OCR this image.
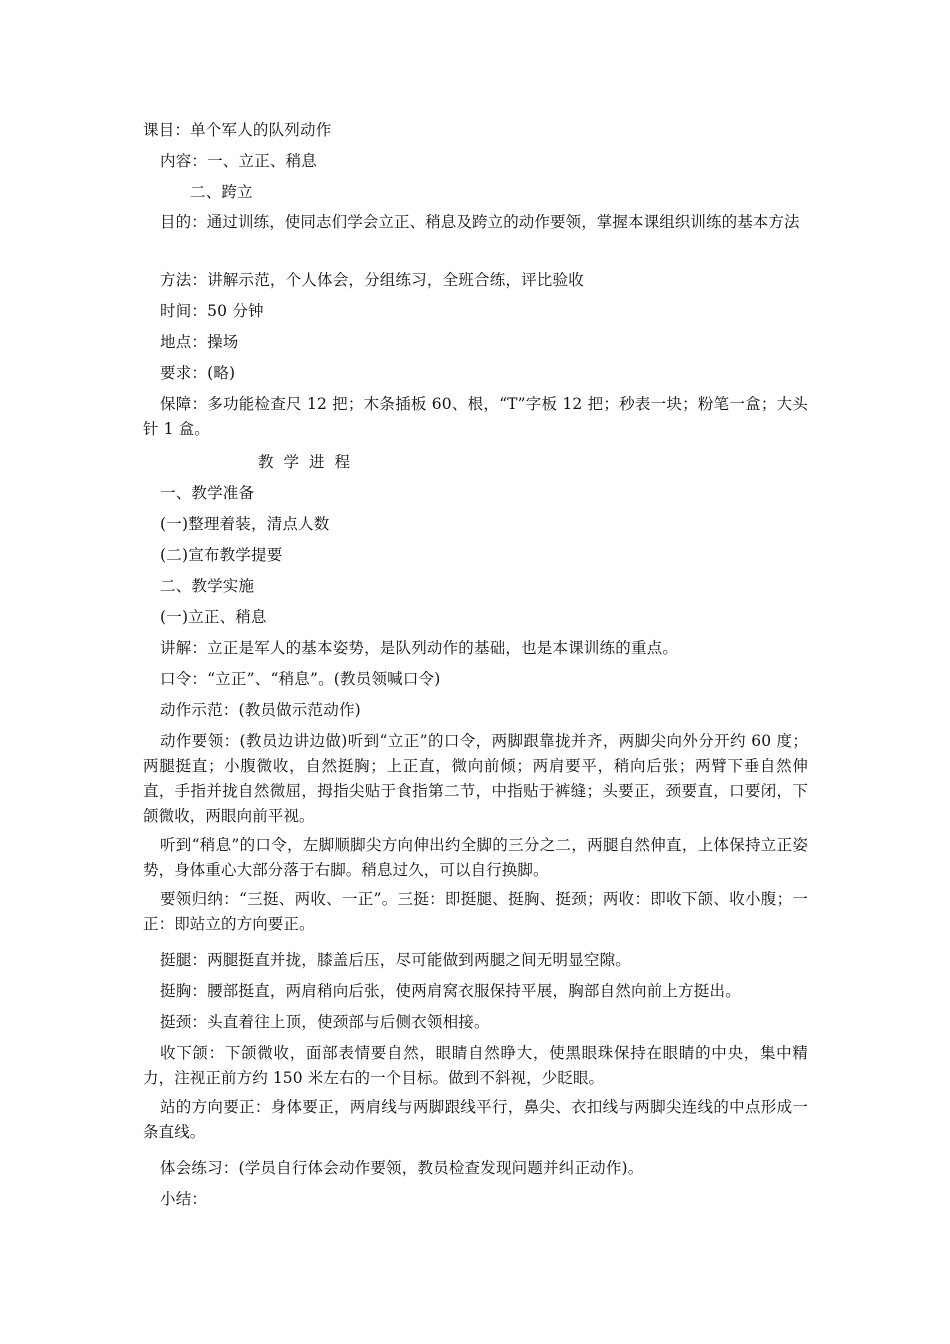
课目：单个军人的队列动作
内容：一、立正、稍息
二、跨立
目的：通过训练，使同志们学会立正、稍息及跨立的动作要领，掌握本课组织训练的基本方法
方法：讲解示范，个人体会，分组练习，全班合练，评比验收
时间：50 分钟
地点：操场
要求：(略)
保障：多功能检查尺 12 把；木条插板 60、根，“T”字板 12 把；秒表一块；粉笔一盒；大头针 1 盒。
教学进程
一、教学准备
(一)整理着装，清点人数
(二)宣布教学提要
二、教学实施
(一)立正、稍息
讲解：立正是军人的基本姿势，是队列动作的基础，也是本课训练的重点。
口令：“立正”、“稍息”。(教员领喊口令)
动作示范：(教员做示范动作)
动作要领：(教员边讲边做)听到“立正”的口令，两脚跟靠拢并齐，两脚尖向外分开约 60 度；两腿挺直；小腹微收，自然挺胸；上正直，微向前倾；两肩要平，稍向后张；两臂下垂自然伸直，手指并拢自然微屈，拇指尖贴于食指第二节，中指贴于裤缝；头要正，颈要直，口要闭，下颌微收，两眼向前平视。
听到“稍息”的口令，左脚顺脚尖方向伸出约全脚的三分之二，两腿自然伸直，上体保持立正姿势，身体重心大部分落于右脚。稍息过久，可以自行换脚。
要领归纳：“三挺、两收、一正”。三挺：即挺腿、挺胸、挺颈；两收：即收下颌、收小腹；一正：即站立的方向要正。
挺腿：两腿挺直并拢，膝盖后压，尽可能做到两腿之间无明显空隙。
挺胸：腰部挺直，两肩稍向后张，使两肩窝衣服保持平展，胸部自然向前上方挺出。
挺颈：头直着往上顶，使颈部与后侧衣领相接。
收下颌：下颌微收，面部表情要自然，眼睛自然睁大，使黑眼珠保持在眼睛的中央，集中精力，注视正前方约 150 米左右的一个目标。做到不斜视，少眨眼。
站的方向要正：身体要正，两肩线与两脚跟线平行，鼻尖、衣扣线与两脚尖连线的中点形成一条直线。
体会练习：(学员自行体会动作要领，教员检查发现问题并纠正动作)。
小结：
